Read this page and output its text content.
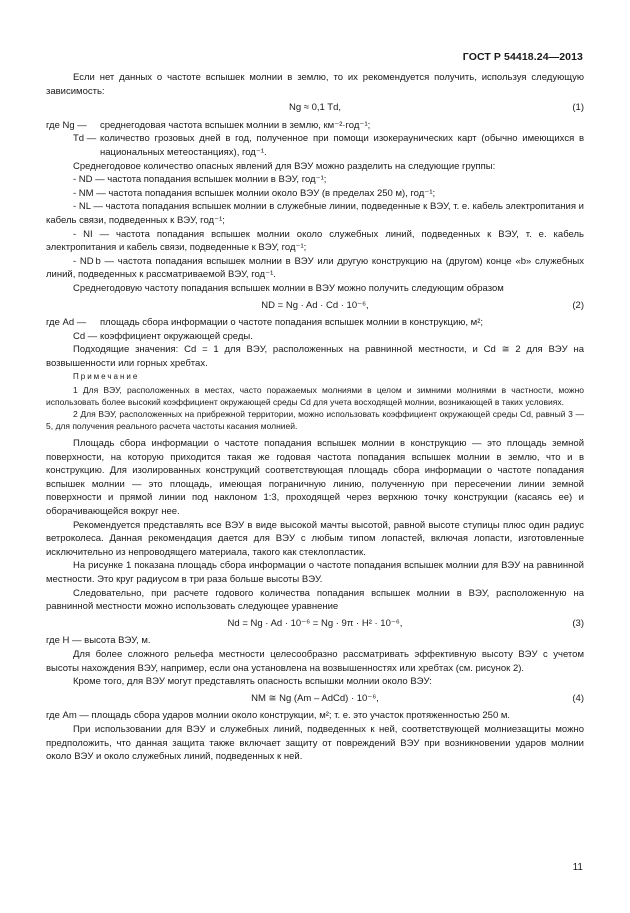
ГОСТ Р 54418.24—2013

Если нет данных о частоте вспышек молнии в землю, то их рекомендуется получить, используя следующую зависимость:

Ng ≈ 0,1 Td,	(1)
где Ng —	среднегодовая частота вспышек молнии в землю, км⁻²·год⁻¹;
Td — количество грозовых дней в год, полученное при помощи изокераунических карт (обычно имеющихся в национальных метеостанциях), год⁻¹.

Среднегодовое количество опасных явлений для ВЭУ можно разделить на следующие группы:

- ND — частота попадания вспышек молнии в ВЭУ, год⁻¹;

- NM — частота попадания вспышек молнии около ВЭУ (в пределах 250 м), год⁻¹;

- NL — частота попадания вспышек молнии в служебные линии, подведенные к ВЭУ, т. е. кабель электропитания и кабель связи, подведенных к ВЭУ, год⁻¹;

- NI — частота попадания вспышек молнии около служебных линий, подведенных к ВЭУ, т. е. кабель электропитания и кабель связи, подведенные к ВЭУ, год⁻¹;

- ND b — частота попадания вспышек молнии в ВЭУ или другую конструкцию на (другом) конце «b» служебных линий, подведенных к рассматриваемой ВЭУ, год⁻¹.

Среднегодовую частоту попадания вспышек молнии в ВЭУ можно получить следующим образом

ND = Ng · Ad · Cd · 10⁻⁶,	(2)
где Ad —	площадь сбора информации о частоте попадания вспышек молнии в конструкцию, м²;
Cd — коэффициент окружающей среды.

Подходящие значения: Cd = 1 для ВЭУ, расположенных на равнинной местности, и Cd ≅ 2 для ВЭУ на возвышенности или горных хребтах.

Примечание

1 Для ВЭУ, расположенных в местах, часто поражаемых молниями в целом и зимними молниями в частности, можно использовать более высокий коэффициент окружающей среды Cd для учета восходящей молнии, возникающей в таких условиях.

2 Для ВЭУ, расположенных на прибрежной территории, можно использовать коэффициент окружающей среды Cd, равный 3 — 5, для получения реального расчета частоты касания молнией.

Площадь сбора информации о частоте попадания вспышек молнии в конструкцию — это площадь земной поверхности, на которую приходится такая же годовая частота попадания вспышек молнии в землю, что и в конструкцию. Для изолированных конструкций соответствующая площадь сбора информации о частоте попадания вспышек молнии — это площадь, имеющая пограничную линию, полученную при пересечении линии земной поверхности и прямой линии под наклоном 1:3, проходящей через верхнюю точку конструкции (касаясь ее) и оборачивающейся вокруг нее.

Рекомендуется представлять все ВЭУ в виде высокой мачты высотой, равной высоте ступицы плюс один радиус ветроколеса. Данная рекомендация дается для ВЭУ с любым типом лопастей, включая лопасти, изготовленные исключительно из непроводящего материала, такого как стеклопластик.

На рисунке 1 показана площадь сбора информации о частоте попадания вспышек молнии для ВЭУ на равнинной местности. Это круг радиусом в три раза больше высоты ВЭУ.

Следовательно, при расчете годового количества попадания вспышек молнии в ВЭУ, расположенную на равнинной местности можно использовать следующее уравнение

Nd = Ng · Ad · 10⁻⁶ = Ng · 9π · H² · 10⁻⁶,	(3)

где H — высота ВЭУ, м.

Для более сложного рельефа местности целесообразно рассматривать эффективную высоту ВЭУ с учетом высоты нахождения ВЭУ, например, если она установлена на возвышенностях или хребтах (см. рисунок 2).

Кроме того, для ВЭУ могут представлять опасность вспышки молнии около ВЭУ:

NM ≅ Ng (Am – AdCd) · 10⁻⁶,	(4)

где Am — площадь сбора ударов молнии около конструкции, м²; т. е. это участок протяженностью 250 м.

При использовании для ВЭУ и служебных линий, подведенных к ней, соответствующей молниезащиты можно предположить, что данная защита также включает защиту от повреждений ВЭУ при возникновении ударов молнии около ВЭУ и около служебных линий, подведенных к ней.

11
